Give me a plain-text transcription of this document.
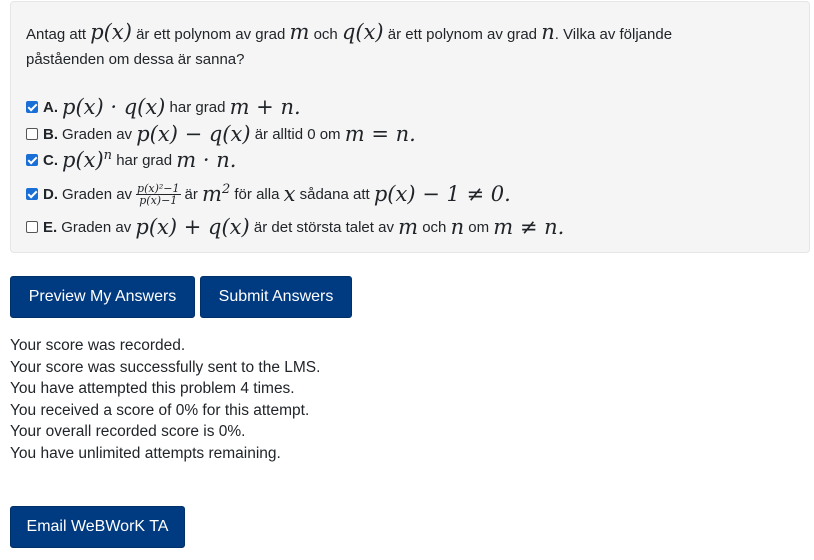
Antag att p(x) är ett polynom av grad m och q(x) är ett polynom av grad n. Vilka av följande
påståenden om dessa är sanna?
A. p(x) · q(x)
har grad
m + n.
B. Graden av
p(x) − q(x)
är alltid 0 om
m = n.
C. $p(x)^n$
har grad
m · n.
D. Graden av $\frac{\text{p(x)²−1}}{p(x)-1}$ är
$m^2$
för alla
x
sådana att
p(x) − 1 ≠ 0.
E. Graden av
p(x) + q(x)
är det största talet av
m
och
n
om
m ≠ n.
Preview My Answers	Submit Answers
Your score was recorded.
Your score was successfully sent to the LMS.
You have attempted this problem 4 times.
You received a score of 0% for this attempt.
Your overall recorded score is 0%.
You have unlimited attempts remaining.
Email WeBWorK TA
